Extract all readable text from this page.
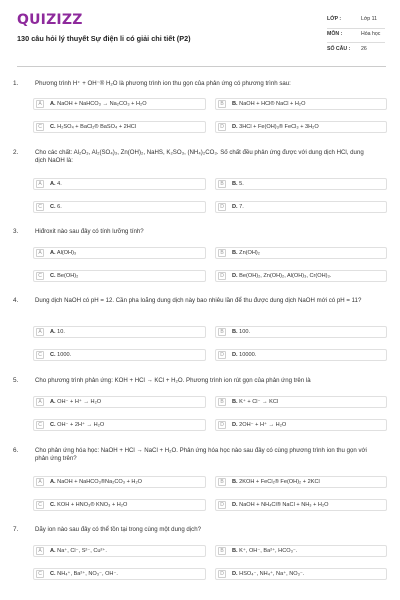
QUIZIZZ
130 câu hỏi lý thuyết Sự điện li có giải chi tiết (P2)
LỚP :	Lớp 11
MÔN :	Hóa học
SỐ CÂU : 26
1.	Phương trình H⁺ + OH⁻® H₂O là phương trình ion thu gọn của phản ứng có phương trình sau:
A	A. NaOH + NaHCO₃ → Na₂CO₃ + H₂O	B	B. NaOH + HCl® NaCl + H₂O
C	C. H₂SO₄ + BaCl₂® BaSO₄ + 2HCl	D	D. 3HCl + Fe(OH)₃® FeCl₃ + 3H₂O
2.	Cho các chất: Al₂O₃, Al₂(SO₄)₃, Zn(OH)₂, NaHS, K₂SO₃, (NH₄)₂CO₃. Số chất đều phản ứng được với dung dịch HCl, dung dịch NaOH là:
A	A. 4.	B	B. 5.
C	C. 6.	D	D. 7.
3.	Hiđroxit nào sau đây có tính lưỡng tính?
A	A. Al(OH)₃	B	B. Zn(OH)₂
C	C. Be(OH)₂	D	D. Be(OH)₂, Zn(OH)₂, Al(OH)₃, Cr(OH)₃.
4.	Dung dịch NaOH có pH = 12. Cần pha loãng dung dịch này bao nhiêu lần để thu được dung dịch NaOH mới có pH = 11?
A	A. 10.	B	B. 100.
C	C. 1000.	D	D. 10000.
5.	Cho phương trình phản ứng: KOH + HCl → KCl + H₂O. Phương trình ion rút gọn của phản ứng trên là
A	A. OH⁻ + H⁺ → H₂O	B	B. K⁺ + Cl⁻ → KCl
C	C. OH⁻ + 2H⁺ → H₂O	D	D. 2OH⁻ + H⁺ → H₂O
6.	Cho phản ứng hóa học: NaOH + HCl → NaCl + H₂O. Phản ứng hóa học nào sau đây có cùng phương trình ion thu gọn với phản ứng trên?
A	A. NaOH + NaHCO₃®Na₂CO₃ + H₂O	B	B. 2KOH + FeCl₂® Fe(OH)₂ + 2KCl
C	C. KOH + HNO₃® KNO₃ + H₂O	D	D. NaOH + NH₄Cl® NaCl + NH₃ + H₂O
7.	Dãy ion nào sau đây có thể tồn tại trong cùng một dung dịch?
A	A. Na⁺, Cl⁻, S²⁻, Cu²⁺.	B	B. K⁺, OH⁻, Ba²⁺, HCO₃⁻.
C	C. NH₄⁺, Ba²⁺, NO₃⁻, OH⁻.	D	D. HSO₄⁻, NH₄⁺, Na⁺, NO₃⁻.
